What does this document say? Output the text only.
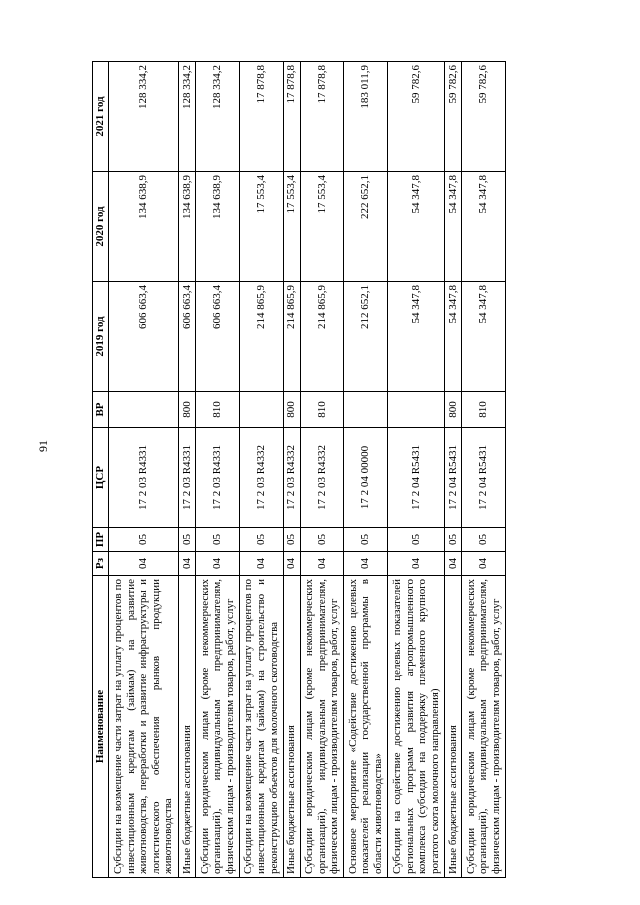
91
Наименование	Рз	ПР	ЦСР	ВР	2019 год	2020 год	2021 год
Субсидии на возмещение части затрат на уплату процентов по инвестиционным кредитам (займам) на развитие животноводства, переработки и развитие инфраструктуры и логистического обеспечения рынков продукции животноводства	04	05	17 2 03 R4331		606 663,4	134 638,9	128 334,2
Иные бюджетные ассигнования	04	05	17 2 03 R4331	800	606 663,4	134 638,9	128 334,2
Субсидии юридическим лицам (кроме некоммерческих организаций), индивидуальным предпринимателям, физическим лицам - производителям товаров, работ, услуг	04	05	17 2 03 R4331	810	606 663,4	134 638,9	128 334,2
Субсидии на возмещение части затрат на уплату процентов по инвестиционным кредитам (займам) на строительство и реконструкцию объектов для молочного скотоводства	04	05	17 2 03 R4332		214 865,9	17 553,4	17 878,8
Иные бюджетные ассигнования	04	05	17 2 03 R4332	800	214 865,9	17 553,4	17 878,8
Субсидии юридическим лицам (кроме некоммерческих организаций), индивидуальным предпринимателям, физическим лицам - производителям товаров, работ, услуг	04	05	17 2 03 R4332	810	214 865,9	17 553,4	17 878,8
Основное мероприятие «Содействие достижению целевых показателей реализации государственной программы в области животноводства»	04	05	17 2 04 00000		212 652,1	222 652,1	183 011,9
Субсидии на содействие достижению целевых показателей региональных программ развития агропромышленного комплекса (субсидии на поддержку племенного крупного рогатого скота молочного направления)	04	05	17 2 04 R5431		54 347,8	54 347,8	59 782,6
Иные бюджетные ассигнования	04	05	17 2 04 R5431	800	54 347,8	54 347,8	59 782,6
Субсидии юридическим лицам (кроме некоммерческих организаций), индивидуальным предпринимателям, физическим лицам - производителям товаров, работ, услуг	04	05	17 2 04 R5431	810	54 347,8	54 347,8	59 782,6
